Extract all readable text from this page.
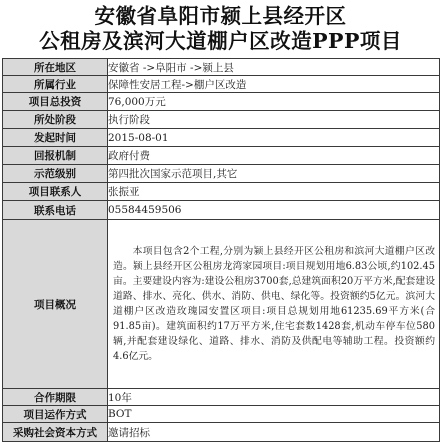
安徽省阜阳市颍上县经开区
公租房及滨河大道棚户区改造PPP项目
所在地区	安徽省 ->阜阳市 ->颍上县
所属行业	保障性安居工程->棚户区改造
项目总投资	76,000万元
所处阶段	执行阶段
发起时间	2015-08-01
回报机制	政府付费
示范级别	第四批次国家示范项目,其它
项目联系人	张振亚
联系电话	05584459506
项目概况	本项目包含2个工程,分别为颍上县经开区公租房和滨河大道棚户区改造。颍上县经开区公租房龙湾家园项目:项目规划用地6.83公顷,约102.45亩。主要建设内容为:建设公租房3700套,总建筑面积20万平方米,配套建设道路、排水、亮化、供水、消防、供电、绿化等。投资额约5亿元。滨河大道棚户区改造玫瑰园安置区项目:项目总规划用地61235.69平方米(合91.85亩)。建筑面积约17万平方米,住宅套数1428套,机动车停车位580辆,并配套建设绿化、道路、排水、消防及供配电等辅助工程。投资额约4.6亿元。
合作期限	10年
项目运作方式	BOT
采购社会资本方式	邀请招标
